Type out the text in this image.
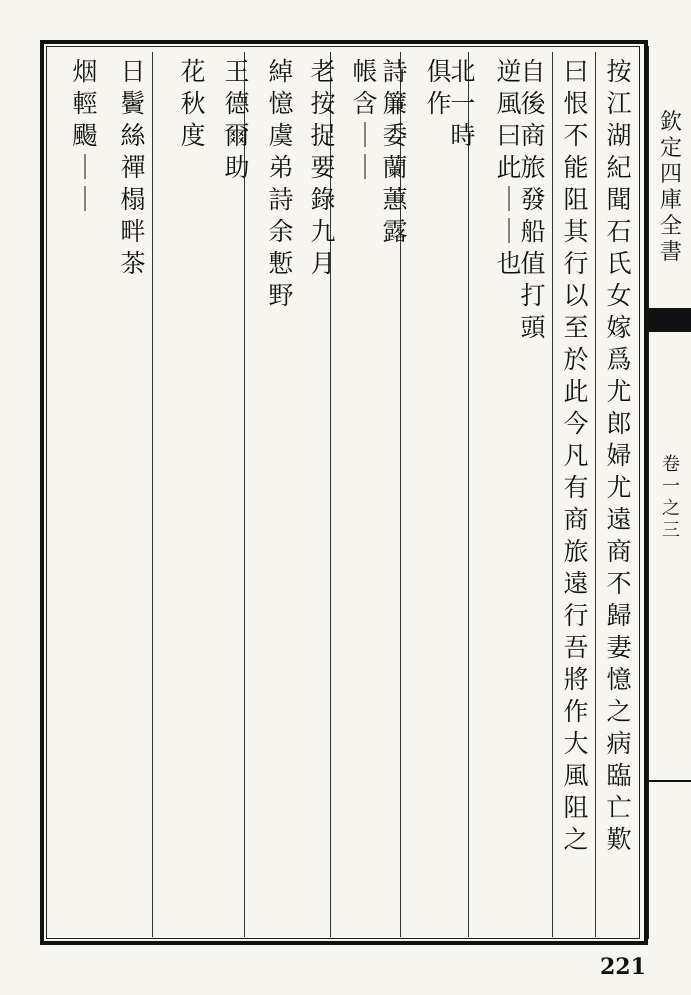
欽定四庫全書
卷一之三
按
江
湖
紀
聞
石
氏
女
嫁
爲
尤
郎
婦
尤
遠
商
不
歸
妻
憶
之
病
臨
亡
歎
曰
恨
不
能
阻
其
行
以
至
於
此
今
凡
有
商
旅
遠
行
吾
將
作
大
風
阻
之
自
後
商
旅
發
船
值
打
頭
逆
風
曰
此
｜
｜
也
北
一
時
俱
作
詩
簾
委
蘭
蕙
露
帳
含
｜
｜
老
按
捉
要
錄
九
月
綽
憶
虞
弟
詩
余
慙
野
王
德
爾
助
花
秋
度
日
鬢
絲
禪
榻
畔
茶
烟
輕
颺
｜
｜
221
